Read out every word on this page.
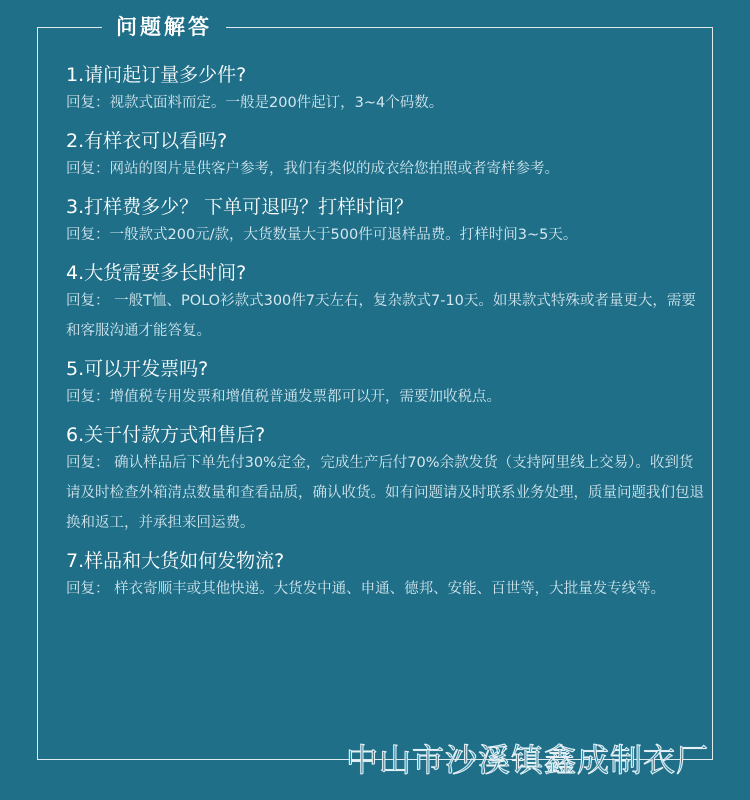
问题解答

1.请问起订量多少件?

回复：视款式面料而定。一般是200件起订，3~4个码数。

2.有样衣可以看吗?

回复：网站的图片是供客户参考，我们有类似的成衣给您拍照或者寄样参考。

3.打样费多少？ 下单可退吗？打样时间？

回复：一般款式200元/款，大货数量大于500件可退样品费。打样时间3~5天。

4.大货需要多长时间?

回复： 一般T恤、POLO衫款式300件7天左右，复杂款式7-10天。如果款式特殊或者量更大，需要和客服沟通才能答复。

5.可以开发票吗?

回复：增值税专用发票和增值税普通发票都可以开，需要加收税点。

6.关于付款方式和售后?

回复： 确认样品后下单先付30%定金，完成生产后付70%余款发货（支持阿里线上交易）。收到货请及时检查外箱清点数量和查看品质，确认收货。如有问题请及时联系业务处理，质量问题我们包退换和返工，并承担来回运费。

7.样品和大货如何发物流?

回复： 样衣寄顺丰或其他快递。大货发中通、申通、德邦、安能、百世等，大批量发专线等。

中山市沙溪镇鑫成制衣厂
